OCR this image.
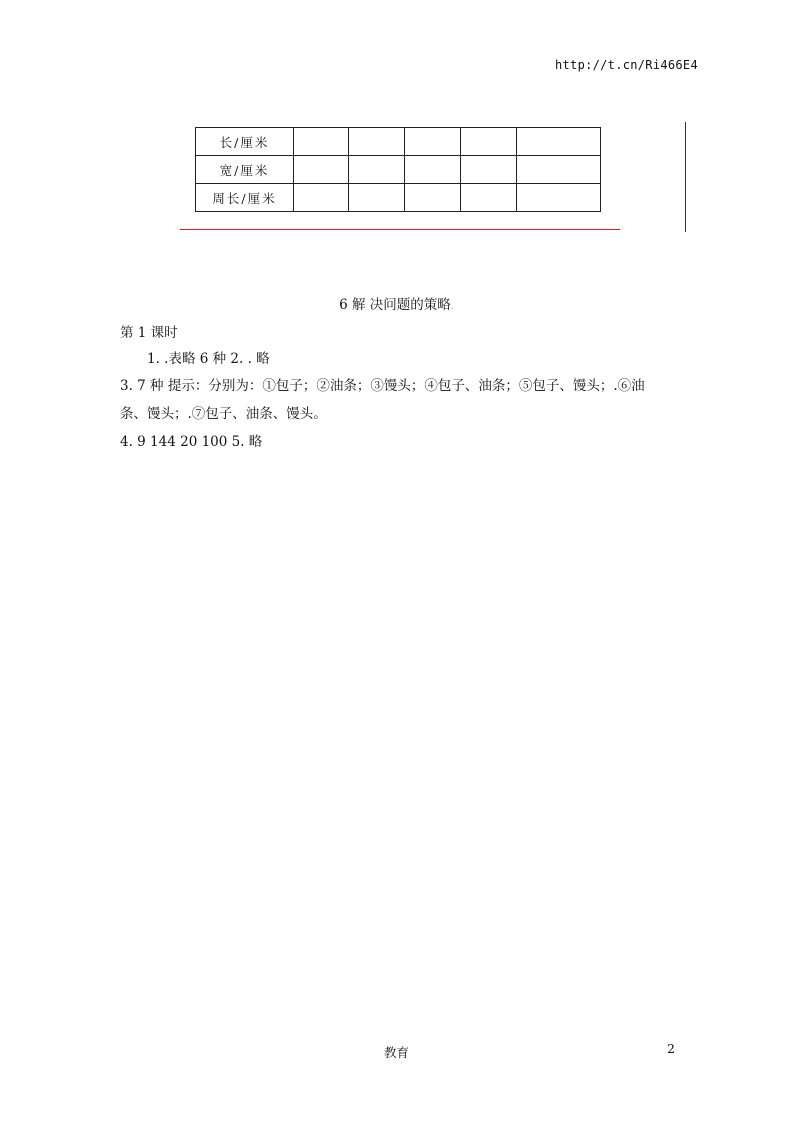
http://t.cn/Ri466E4
长/厘米					
宽/厘米					
周长/厘米					
6 解 决问题的策略.
第 1 课时
1. .表略 6 种 2. . 略
3. 7 种 提示：分别为：①包子；②油条；③馒头；④包子、油条；⑤包子、馒头；.⑥油
条、馒头；.⑦包子、油条、馒头。
4. 9 144 20 100 5. 略
教育	2
